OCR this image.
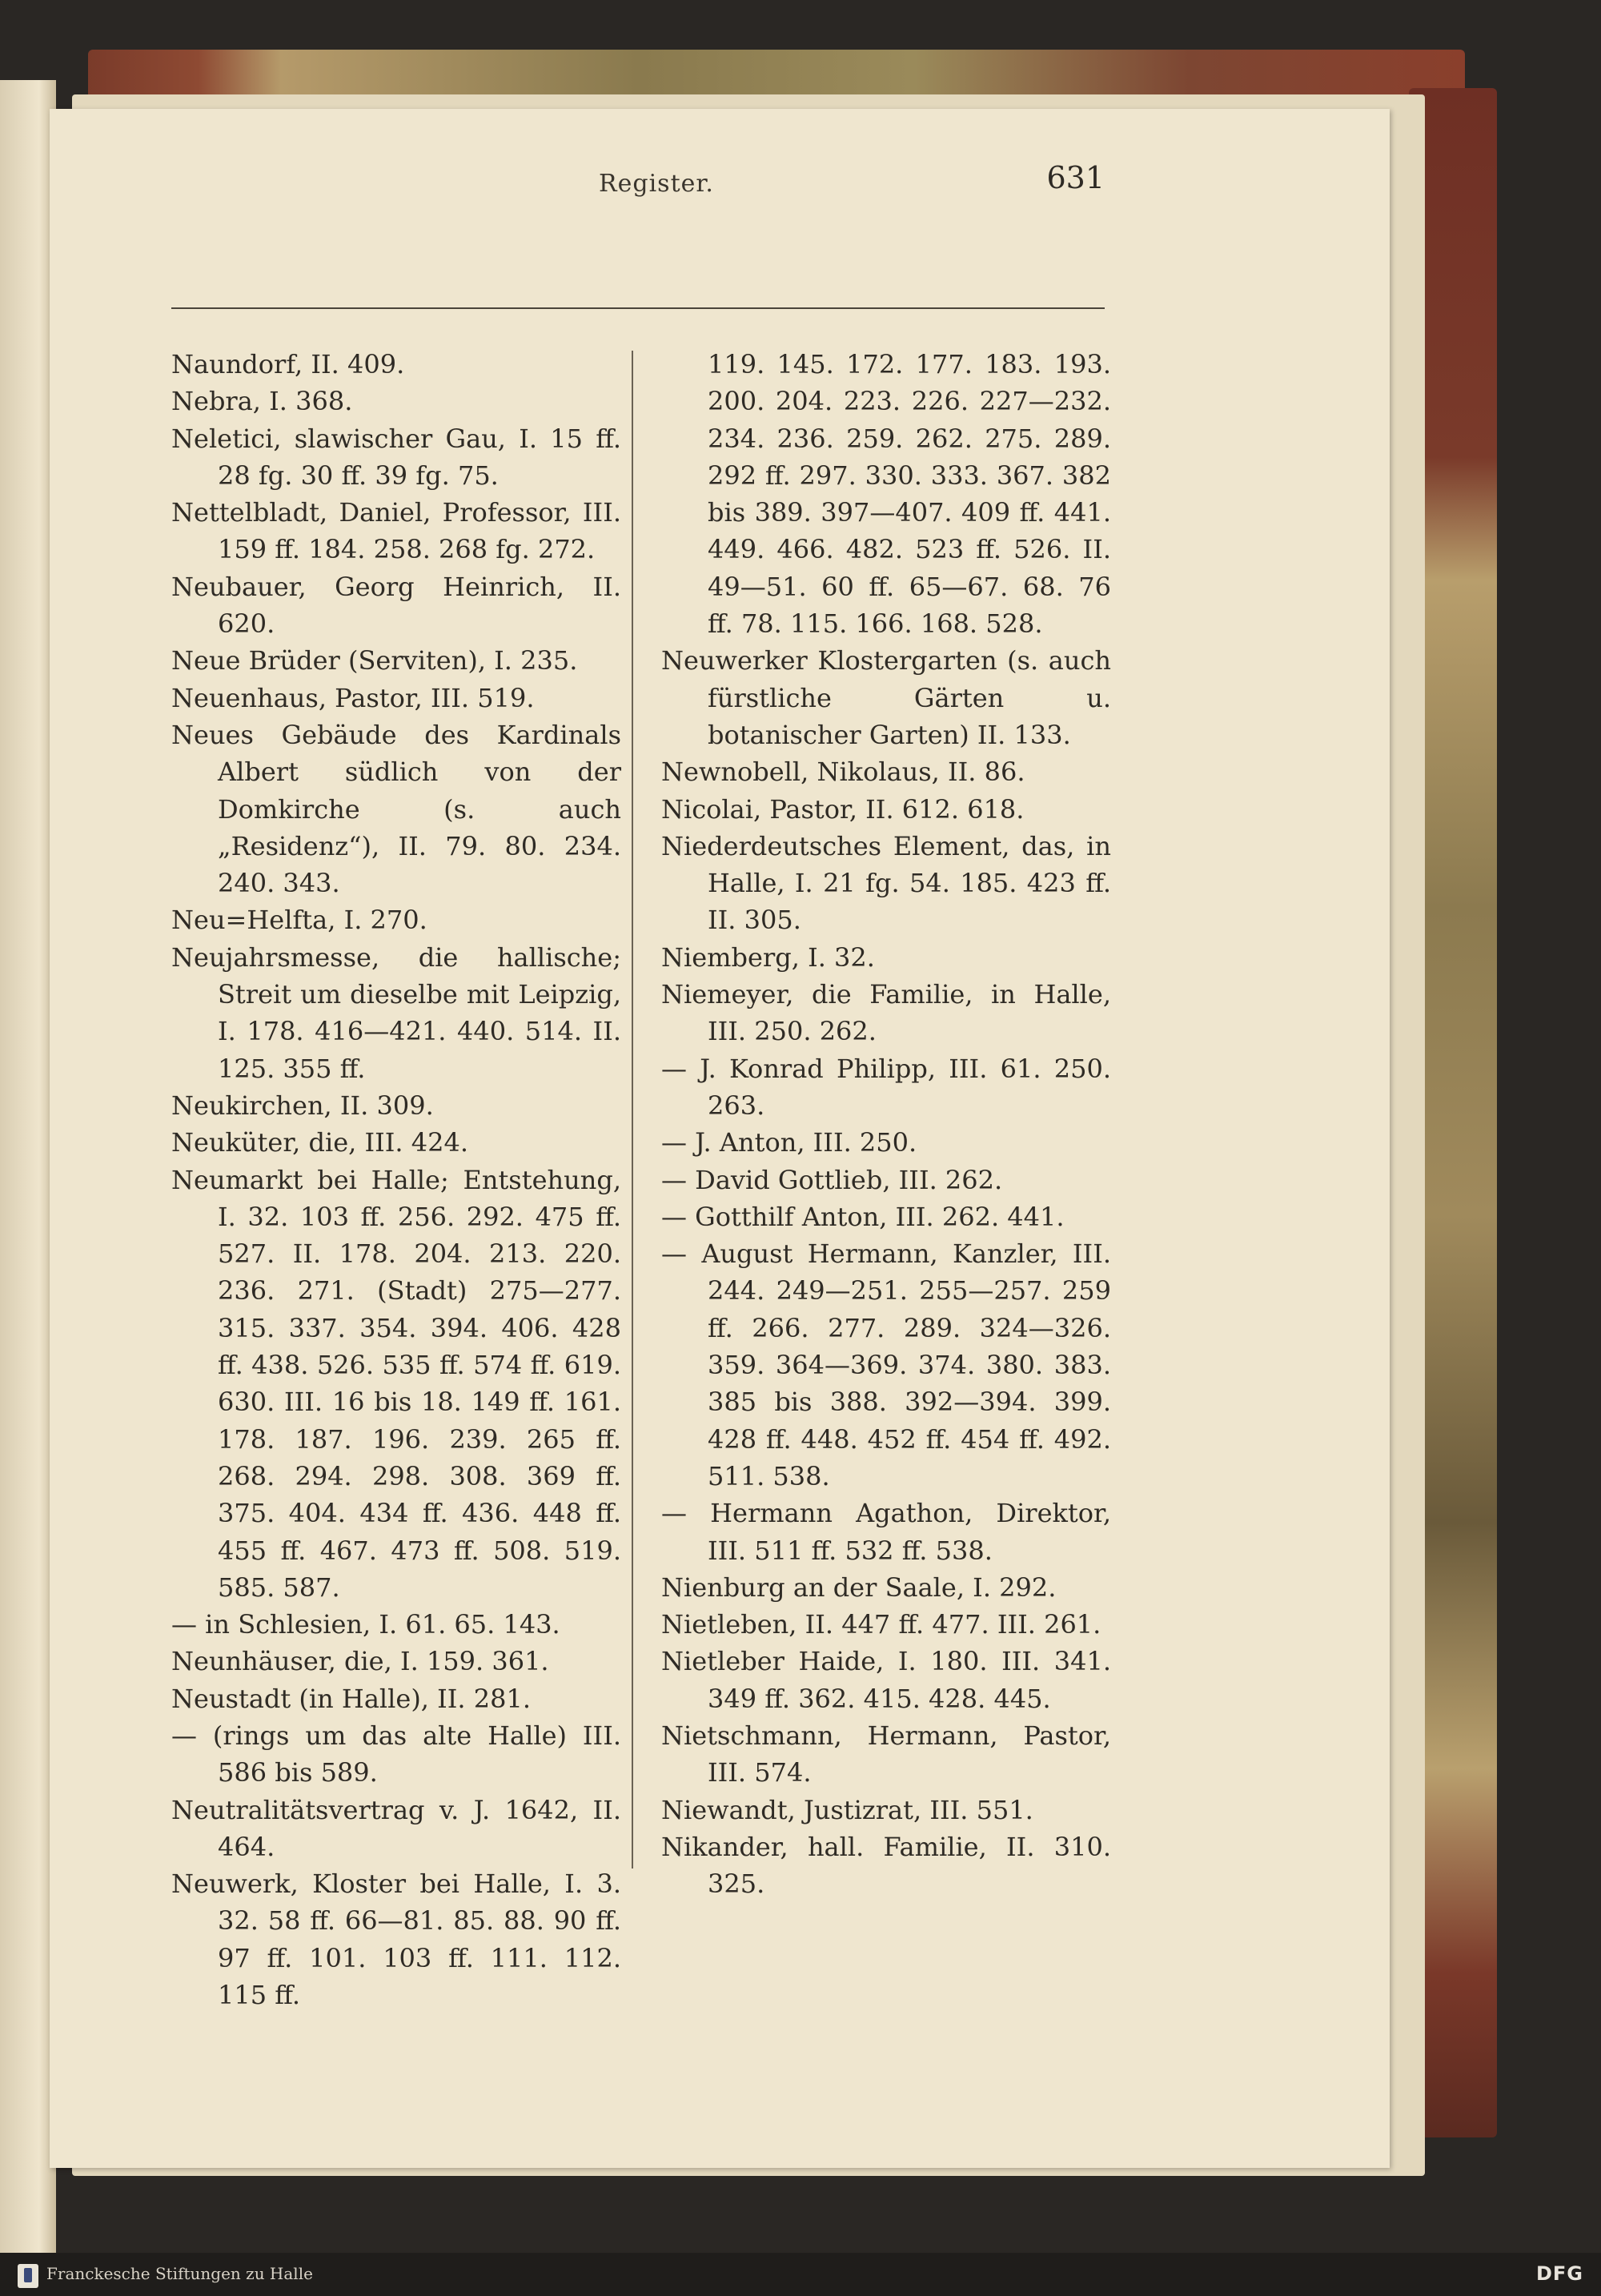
Register.	631
Naundorf, II. 409.
Nebra, I. 368.
Neletici, slawischer Gau, I. 15 ff. 28 fg. 30 ff. 39 fg. 75.
Nettelbladt, Daniel, Professor, III. 159 ff. 184. 258. 268 fg. 272.
Neubauer, Georg Heinrich, II. 620.
Neue Brüder (Serviten), I. 235.
Neuenhaus, Pastor, III. 519.
Neues Gebäude des Kardinals Albert südlich von der Domkirche (s. auch „Residenz“), II. 79. 80. 234. 240. 343.
Neu=Helfta, I. 270.
Neujahrsmesse, die hallische; Streit um dieselbe mit Leipzig, I. 178. 416—421. 440. 514. II. 125. 355 ff.
Neukirchen, II. 309.
Neuküter, die, III. 424.
Neumarkt bei Halle; Entstehung, I. 32. 103 ff. 256. 292. 475 ff. 527. II. 178. 204. 213. 220. 236. 271. (Stadt) 275—277. 315. 337. 354. 394. 406. 428 ff. 438. 526. 535 ff. 574 ff. 619. 630. III. 16 bis 18. 149 ff. 161. 178. 187. 196. 239. 265 ff. 268. 294. 298. 308. 369 ff. 375. 404. 434 ff. 436. 448 ff. 455 ff. 467. 473 ff. 508. 519. 585. 587.
— in Schlesien, I. 61. 65. 143.
Neunhäuser, die, I. 159. 361.
Neustadt (in Halle), II. 281.
— (rings um das alte Halle) III. 586 bis 589.
Neutralitätsvertrag v. J. 1642, II. 464.
Neuwerk, Kloster bei Halle, I. 3. 32. 58 ff. 66—81. 85. 88. 90 ff. 97 ff. 101. 103 ff. 111. 112. 115 ff.
119. 145. 172. 177. 183. 193. 200. 204. 223. 226. 227—232. 234. 236. 259. 262. 275. 289. 292 ff. 297. 330. 333. 367. 382 bis 389. 397—407. 409 ff. 441. 449. 466. 482. 523 ff. 526. II. 49—51. 60 ff. 65—67. 68. 76 ff. 78. 115. 166. 168. 528.
Neuwerker Klostergarten (s. auch fürstliche Gärten u. botanischer Garten) II. 133.
Newnobell, Nikolaus, II. 86.
Nicolai, Pastor, II. 612. 618.
Niederdeutsches Element, das, in Halle, I. 21 fg. 54. 185. 423 ff. II. 305.
Niemberg, I. 32.
Niemeyer, die Familie, in Halle, III. 250. 262.
— J. Konrad Philipp, III. 61. 250. 263.
— J. Anton, III. 250.
— David Gottlieb, III. 262.
— Gotthilf Anton, III. 262. 441.
— August Hermann, Kanzler, III. 244. 249—251. 255—257. 259 ff. 266. 277. 289. 324—326. 359. 364—369. 374. 380. 383. 385 bis 388. 392—394. 399. 428 ff. 448. 452 ff. 454 ff. 492. 511. 538.
— Hermann Agathon, Direktor, III. 511 ff. 532 ff. 538.
Nienburg an der Saale, I. 292.
Nietleben, II. 447 ff. 477. III. 261.
Nietleber Haide, I. 180. III. 341. 349 ff. 362. 415. 428. 445.
Nietschmann, Hermann, Pastor, III. 574.
Niewandt, Justizrat, III. 551.
Nikander, hall. Familie, II. 310. 325.
Franckesche Stiftungen zu Halle	DFG
